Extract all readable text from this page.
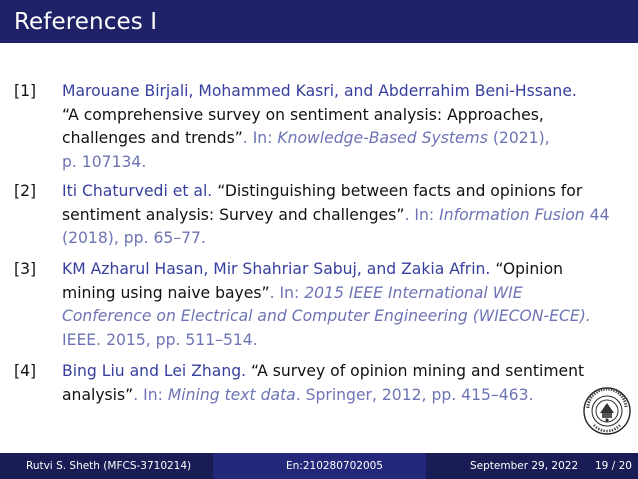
References I
[1] Marouane Birjali, Mohammed Kasri, and Abderrahim Beni-Hssane.
“A comprehensive survey on sentiment analysis: Approaches,
challenges and trends”. In: Knowledge-Based Systems (2021),
p. 107134.
[2] Iti Chaturvedi et al. “Distinguishing between facts and opinions for
sentiment analysis: Survey and challenges”. In: Information Fusion 44
(2018), pp. 65–77.
[3] KM Azharul Hasan, Mir Shahriar Sabuj, and Zakia Afrin. “Opinion
mining using naive bayes”. In: 2015 IEEE International WIE
Conference on Electrical and Computer Engineering (WIECON-ECE).
IEEE. 2015, pp. 511–514.
[4] Bing Liu and Lei Zhang. “A survey of opinion mining and sentiment
analysis”. In: Mining text data. Springer, 2012, pp. 415–463.
Rutvi S. Sheth (MFCS-3710214)	En:210280702005	September 29, 2022 19 / 20
